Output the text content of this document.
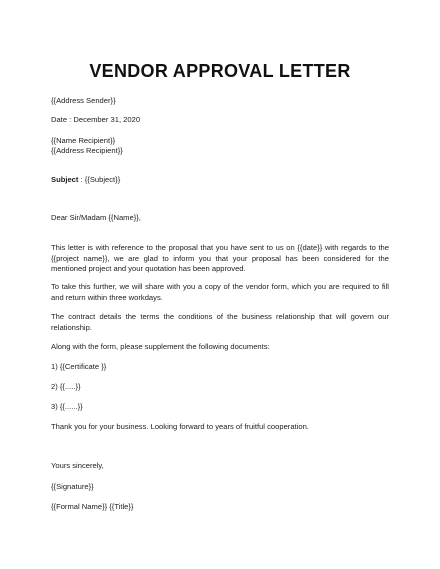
VENDOR APPROVAL LETTER

{{Address Sender}}

Date : December 31, 2020

{{Name Recipient}}

{{Address Recipient}}

Subject : {{Subject}}

Dear Sir/Madam {{Name}},

This letter is with reference to the proposal that you have sent to us on {{date}} with regards to the {{project name}}, we are glad to inform you that your proposal has been considered for the mentioned project and your quotation has been approved.

To take this further, we will share with you a copy of the vendor form, which you are required to fill and return within three workdays.

The contract details the terms the conditions of the business relationship that will govern our relationship.

Along with the form, please supplement the following documents:

1) {{Certificate }}

2) {{.....}}

3) {{......}}

Thank you for your business. Looking forward to years of fruitful cooperation.

Yours sincerely,

{{Signature}}

{{Formal Name}} {{Title}}
